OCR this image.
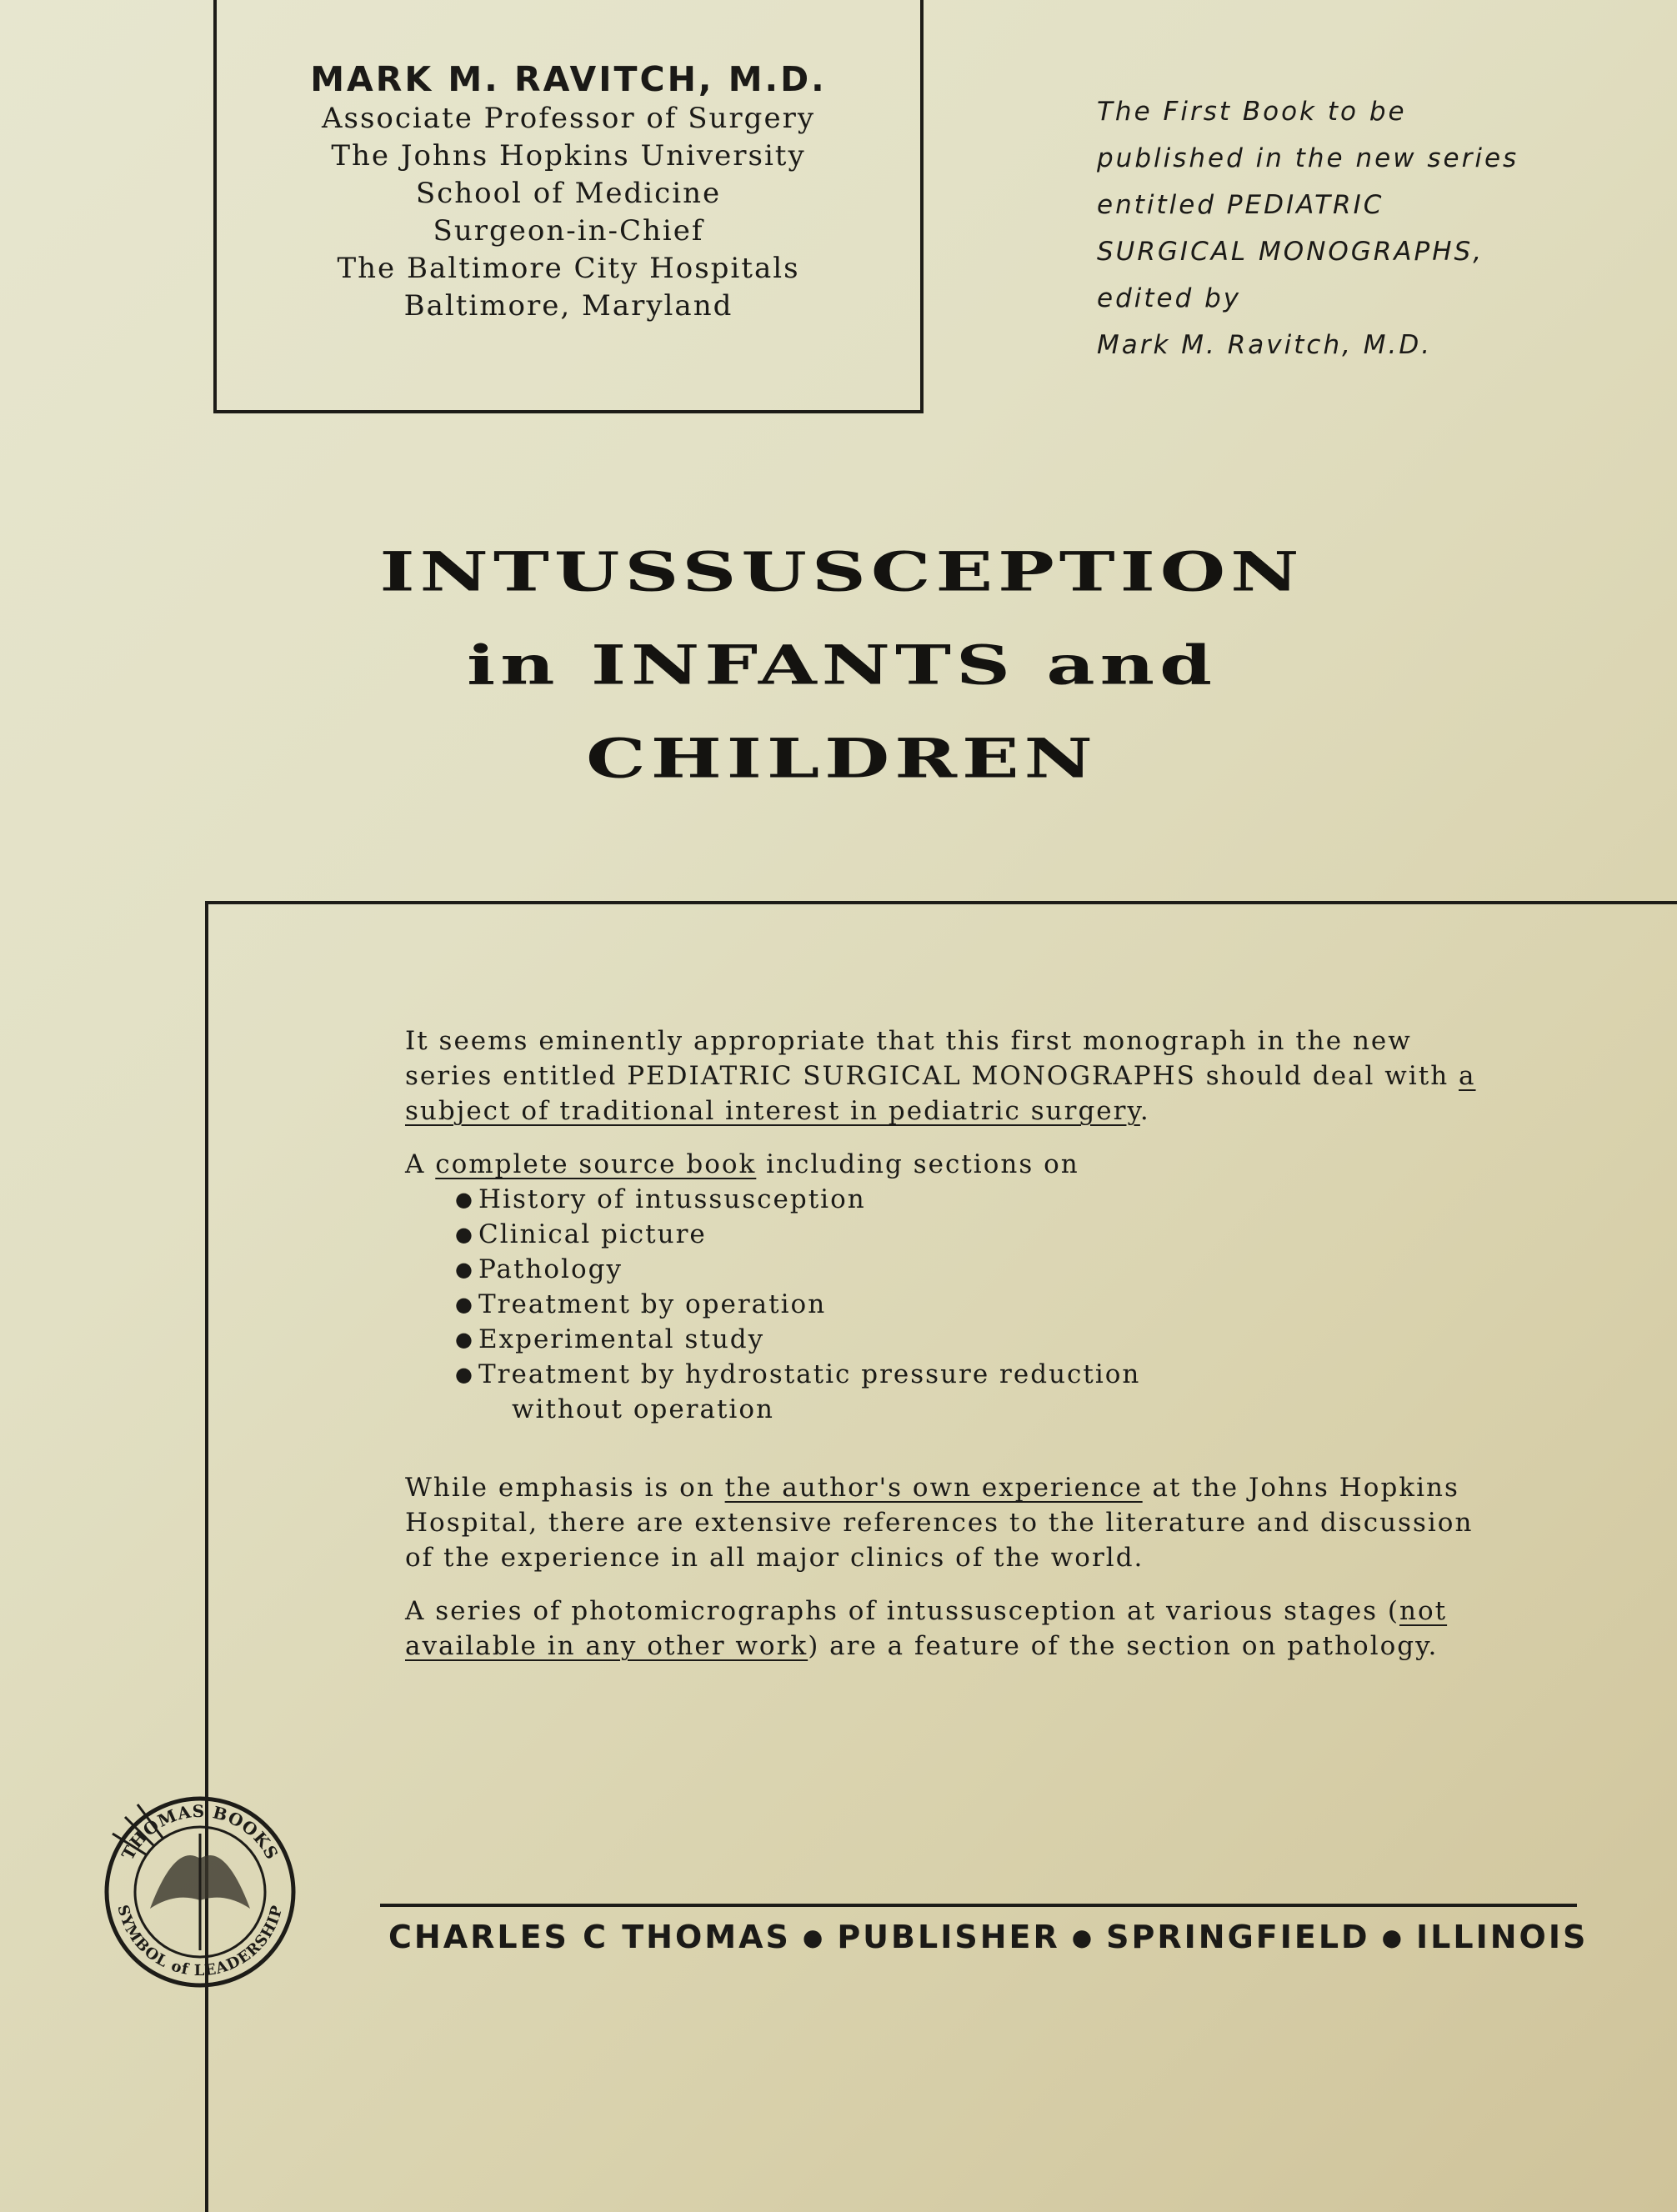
MARK M. RAVITCH, M.D.
Associate Professor of Surgery
The Johns Hopkins University
School of Medicine
Surgeon-in-Chief
The Baltimore City Hospitals
Baltimore, Maryland
The First Book to be
published in the new series
entitled PEDIATRIC
SURGICAL MONOGRAPHS,
edited by
Mark M. Ravitch, M.D.
INTUSSUSCEPTION
in INFANTS and
CHILDREN

It seems eminently appropriate that this first monograph in the new series entitled PEDIATRIC SURGICAL MONOGRAPHS should deal with a subject of traditional interest in pediatric surgery.

A complete source book including sections on
● History of intussusception
● Clinical picture
● Pathology
● Treatment by operation
● Experimental study
● Treatment by hydrostatic pressure reduction
without operation

While emphasis is on the author's own experience at the Johns Hopkins Hospital, there are extensive references to the literature and discussion of the experience in all major clinics of the world.

A series of photomicrographs of intussusception at various stages (not available in any other work) are a feature of the section on pathology.

THOMAS BOOKS
SYMBOL of LEADERSHIP
CHARLES C THOMAS ● PUBLISHER ● SPRINGFIELD ● ILLINOIS
